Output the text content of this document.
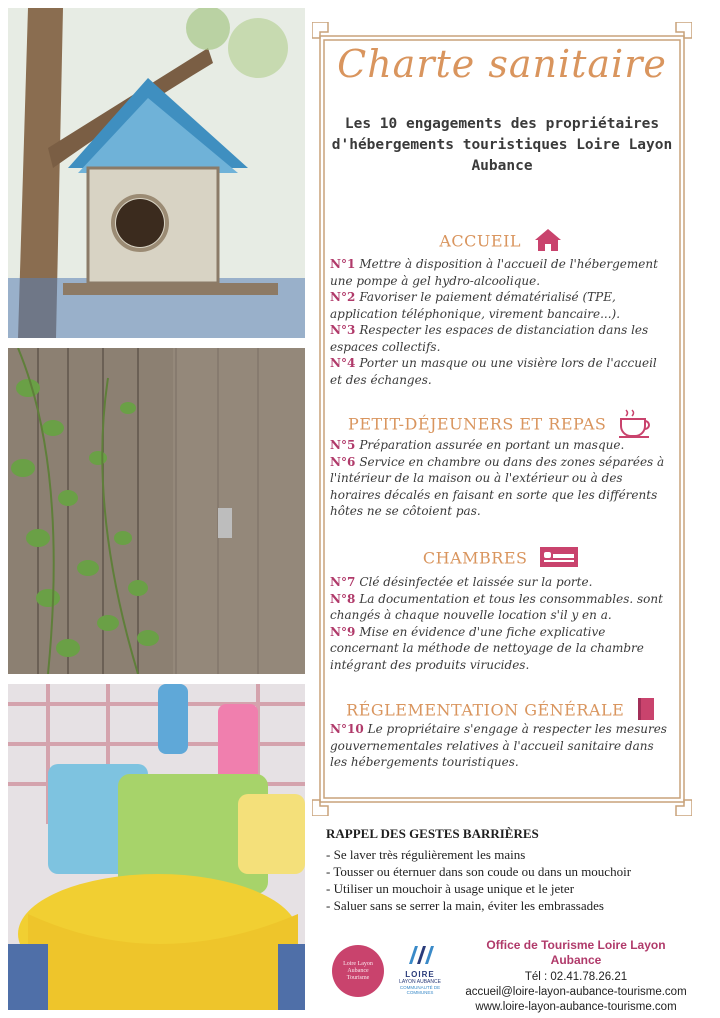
Charte sanitaire
Les 10 engagements des propriétaires d'hébergements touristiques Loire Layon Aubance
ACCUEIL

N°1 Mettre à disposition à l'accueil de l'hébergement une pompe à gel hydro-alcoolique.

N°2 Favoriser le paiement dématérialisé (TPE, application téléphonique, virement bancaire...).

N°3 Respecter les espaces de distanciation dans les espaces collectifs.

N°4 Porter un masque ou une visière lors de l'accueil et des échanges.

PETIT-DÉJEUNERS ET REPAS

N°5 Préparation assurée en portant un masque.

N°6 Service en chambre ou dans des zones séparées à l'intérieur de la maison ou à l'extérieur ou à des horaires décalés en faisant en sorte que les différents hôtes ne se côtoient pas.

CHAMBRES

N°7 Clé désinfectée et laissée sur la porte.

N°8 La documentation et tous les consommables. sont changés à chaque nouvelle location s'il y en a.

N°9 Mise en évidence d'une fiche explicative concernant la méthode de nettoyage de la chambre intégrant des produits virucides.

RÉGLEMENTATION GÉNÉRALE

N°10 Le propriétaire s'engage à respecter les mesures gouvernementales relatives à l'accueil sanitaire dans les hébergements touristiques.

RAPPEL DES GESTES BARRIÈRES
- Se laver très régulièrement les mains
- Tousser ou éternuer dans son coude ou dans un mouchoir
- Utiliser un mouchoir à usage unique et le jeter
- Saluer sans se serrer la main, éviter les embrassades
Loire Layon Aubance Tourisme	LOIRE
LAYON AUBANCE
COMMUNAUTÉ DE COMMUNES
Office de Tourisme Loire Layon Aubance
Tél : 02.41.78.26.21
accueil@loire-layon-aubance-tourisme.com
www.loire-layon-aubance-tourisme.com
